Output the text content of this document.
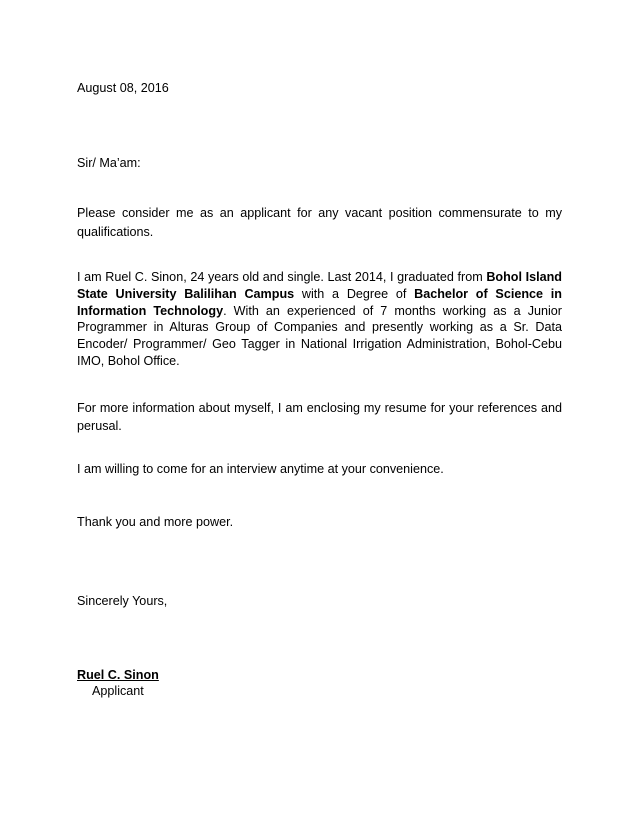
August 08, 2016

Sir/ Ma’am:

Please consider me as an applicant for any vacant position commensurate to my qualifications.

I am Ruel C. Sinon, 24 years old and single. Last 2014, I graduated from Bohol Island State University Balilihan Campus with a Degree of Bachelor of Science in Information Technology. With an experienced of 7 months working as a Junior Programmer in Alturas Group of Companies and presently working as a Sr. Data Encoder/ Programmer/ Geo Tagger in National Irrigation Administration, Bohol-Cebu IMO, Bohol Office.

For more information about myself, I am enclosing my resume for your references and perusal.

I am willing to come for an interview anytime at your convenience.

Thank you and more power.

Sincerely Yours,

Ruel C. Sinon

Applicant
